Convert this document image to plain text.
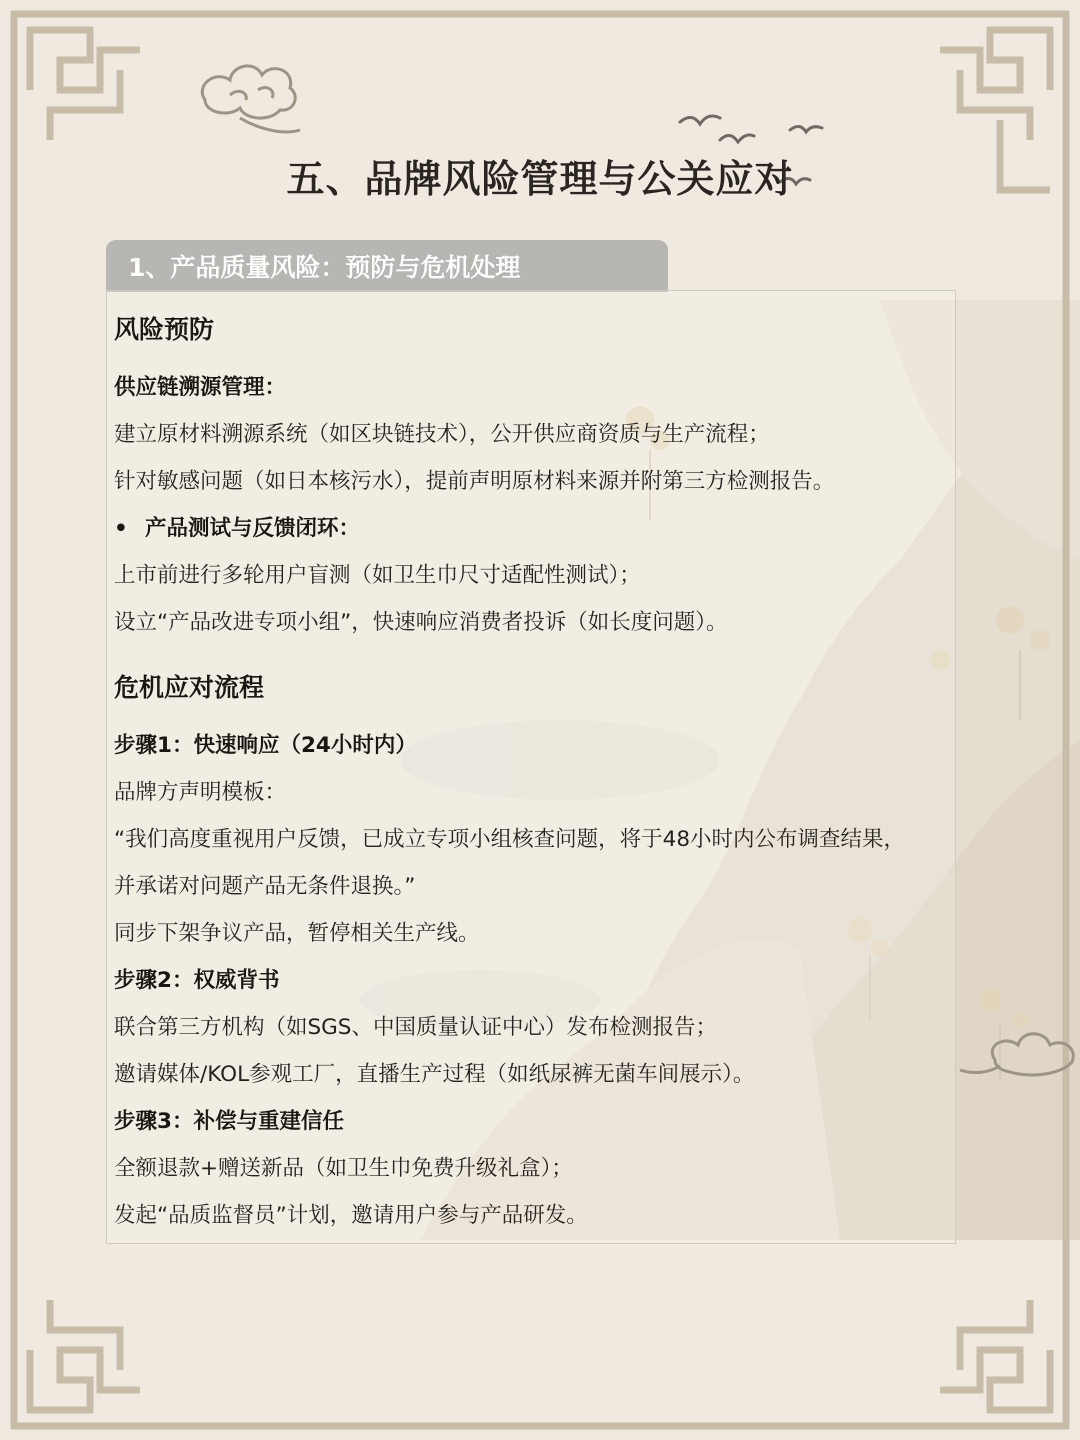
五、品牌风险管理与公关应对
1、产品质量风险：预防与危机处理
风险预防
供应链溯源管理：
建立原材料溯源系统（如区块链技术），公开供应商资质与生产流程；
针对敏感问题（如日本核污水），提前声明原材料来源并附第三方检测报告。
• 产品测试与反馈闭环：
上市前进行多轮用户盲测（如卫生巾尺寸适配性测试）；
设立“产品改进专项小组”，快速响应消费者投诉（如长度问题）。
危机应对流程
步骤1：快速响应（24小时内）
品牌方声明模板：
“我们高度重视用户反馈，已成立专项小组核查问题，将于48小时内公布调查结果，
并承诺对问题产品无条件退换。”
同步下架争议产品，暂停相关生产线。
步骤2：权威背书
联合第三方机构（如SGS、中国质量认证中心）发布检测报告；
邀请媒体/KOL参观工厂，直播生产过程（如纸尿裤无菌车间展示）。
步骤3：补偿与重建信任
全额退款+赠送新品（如卫生巾免费升级礼盒）；
发起“品质监督员”计划，邀请用户参与产品研发。
